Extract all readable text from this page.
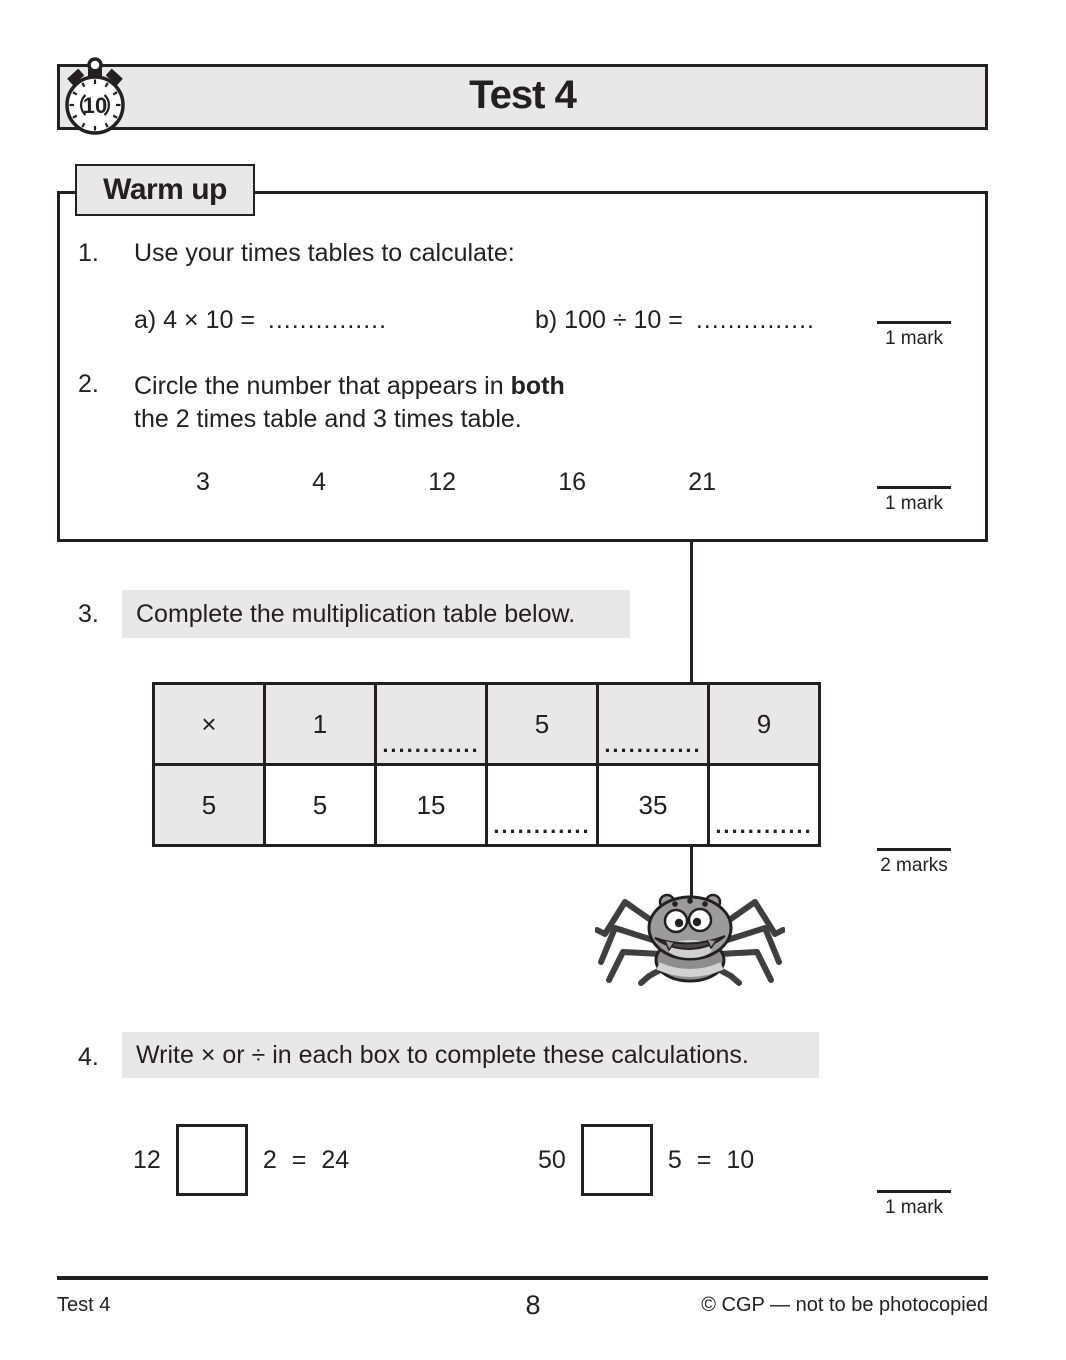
Test 4
10
Warm up
1. Use your times tables to calculate:
a) 4 × 10 = ...............	b) 100 ÷ 10 = ...............
1 mark
2. Circle the number that appears in both
the 2 times table and 3 times table.
3	4	12	16	21
1 mark
3.	Complete the multiplication table below.
×	1	............	5	............	9
5	5	15	............	35	............
2 marks
4.	Write × or ÷ in each box to complete these calculations.
12	2 = 24	50	5 = 10
1 mark
Test 4	8	© CGP — not to be photocopied
